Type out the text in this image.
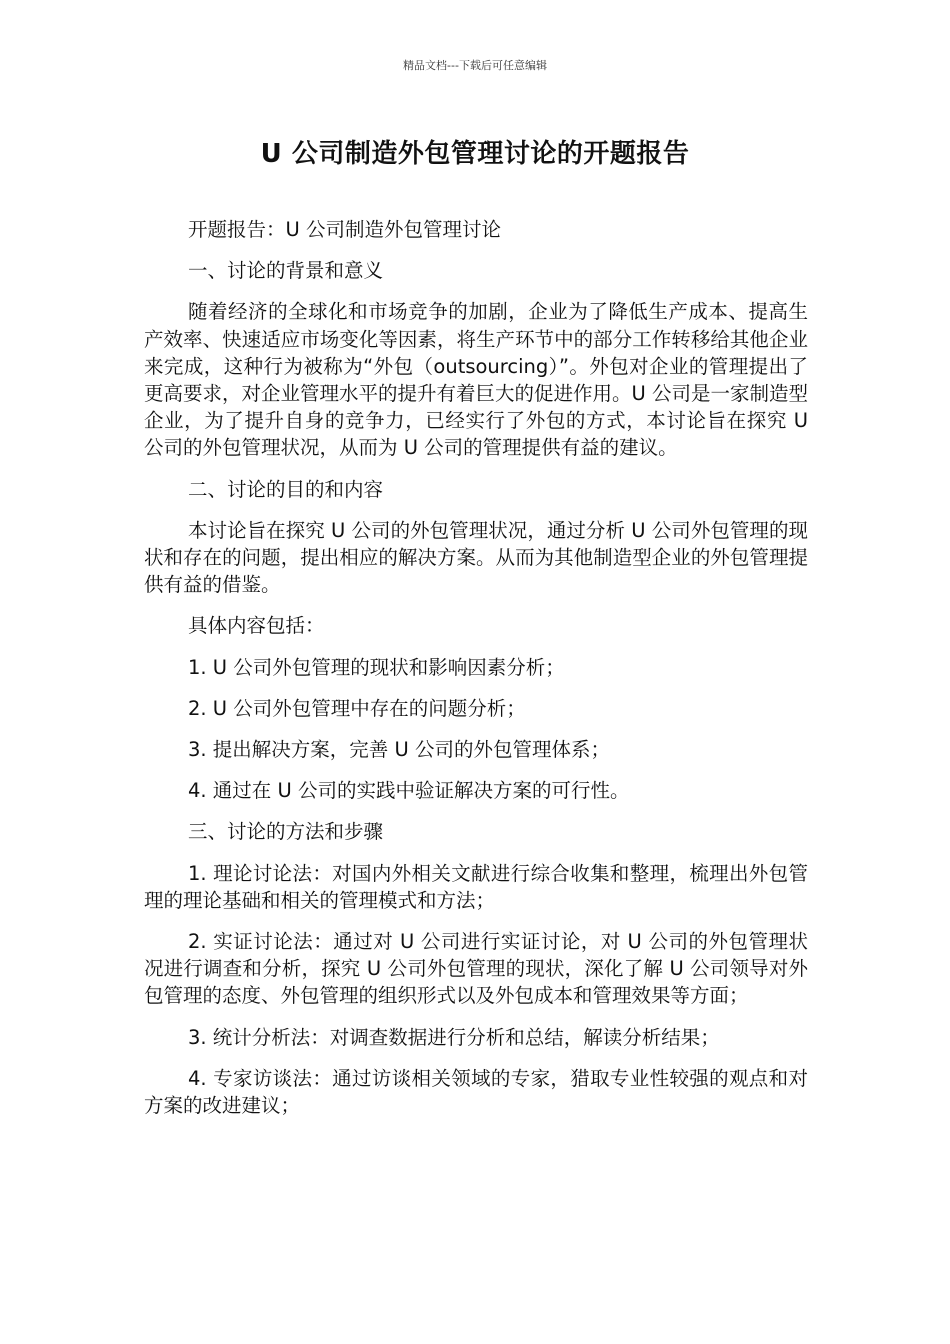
精品文档---下载后可任意编辑
U 公司制造外包管理讨论的开题报告

开题报告：U 公司制造外包管理讨论

一、讨论的背景和意义

随着经济的全球化和市场竞争的加剧，企业为了降低生产成本、提高生产效率、快速适应市场变化等因素，将生产环节中的部分工作转移给其他企业来完成，这种行为被称为“外包（outsourcing）”。外包对企业的管理提出了更高要求，对企业管理水平的提升有着巨大的促进作用。U 公司是一家制造型企业，为了提升自身的竞争力，已经实行了外包的方式，本讨论旨在探究 U 公司的外包管理状况，从而为 U 公司的管理提供有益的建议。

二、讨论的目的和内容

本讨论旨在探究 U 公司的外包管理状况，通过分析 U 公司外包管理的现状和存在的问题，提出相应的解决方案。从而为其他制造型企业的外包管理提供有益的借鉴。

具体内容包括：

1. U 公司外包管理的现状和影响因素分析；

2. U 公司外包管理中存在的问题分析；

3. 提出解决方案，完善 U 公司的外包管理体系；

4. 通过在 U 公司的实践中验证解决方案的可行性。

三、讨论的方法和步骤

1. 理论讨论法：对国内外相关文献进行综合收集和整理，梳理出外包管理的理论基础和相关的管理模式和方法；

2. 实证讨论法：通过对 U 公司进行实证讨论，对 U 公司的外包管理状况进行调查和分析，探究 U 公司外包管理的现状，深化了解 U 公司领导对外包管理的态度、外包管理的组织形式以及外包成本和管理效果等方面；

3. 统计分析法：对调查数据进行分析和总结，解读分析结果；

4. 专家访谈法：通过访谈相关领域的专家，猎取专业性较强的观点和对方案的改进建议；
